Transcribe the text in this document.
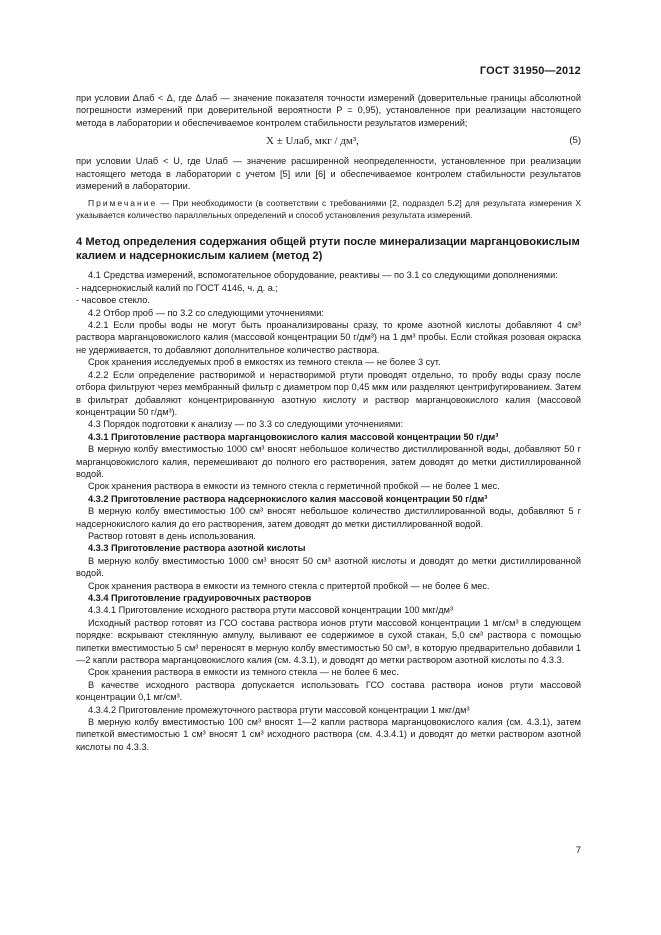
ГОСТ 31950—2012

при условии Δлаб < Δ, где Δлаб — значение показателя точности измерений (доверительные границы абсолютной погрешности измерений при доверительной вероятности P = 0,95), установленное при реализации настоящего метода в лаборатории и обеспечиваемое контролем стабильности результатов измерений;

X ± Uлаб, мкг / дм³,	(5)

при условии Uлаб < U, где Uлаб — значение расширенной неопределенности, установленное при реализации настоящего метода в лаборатории с учетом [5] или [6] и обеспечиваемое контролем стабильности результатов измерений в лаборатории.

Примечание — При необходимости (в соответствии с требованиями [2, подраздел 5.2] для результата измерения X указывается количество параллельных определений и способ установления результата измерений.

4 Метод определения содержания общей ртути после минерализации марганцовокислым калием и надсернокислым калием (метод 2)

4.1 Средства измерений, вспомогательное оборудование, реактивы — по 3.1 со следующими дополнениями:

- надсернокислый калий по ГОСТ 4146, ч. д. а.;

- часовое стекло.

4.2 Отбор проб — по 3.2 со следующими уточнениями:

4.2.1 Если пробы воды не могут быть проанализированы сразу, то кроме азотной кислоты добавляют 4 см³ раствора марганцовокислого калия (массовой концентрации 50 г/дм³) на 1 дм³ пробы. Если стойкая розовая окраска не удерживается, то добавляют дополнительное количество раствора.

Срок хранения исследуемых проб в емкостях из темного стекла — не более 3 сут.

4.2.2 Если определение растворимой и нерастворимой ртути проводят отдельно, то пробу воды сразу после отбора фильтруют через мембранный фильтр с диаметром пор 0,45 мкм или разделяют центрифугированием. Затем в фильтрат добавляют концентрированную азотную кислоту и раствор марганцовокислого калия (массовой концентрации 50 г/дм³).

4.3 Порядок подготовки к анализу — по 3.3 со следующими уточнениями:

4.3.1 Приготовление раствора марганцовокислого калия массовой концентрации 50 г/дм³

В мерную колбу вместимостью 1000 см³ вносят небольшое количество дистиллированной воды, добавляют 50 г марганцовокислого калия, перемешивают до полного его растворения, затем доводят до метки дистиллированной водой.

Срок хранения раствора в емкости из темного стекла с герметичной пробкой — не более 1 мес.

4.3.2 Приготовление раствора надсернокислого калия массовой концентрации 50 г/дм³

В мерную колбу вместимостью 100 см³ вносят небольшое количество дистиллированной воды, добавляют 5 г надсернокислого калия до его растворения, затем доводят до метки дистиллированной водой.

Раствор готовят в день использования.

4.3.3 Приготовление раствора азотной кислоты

В мерную колбу вместимостью 1000 см³ вносят 50 см³ азотной кислоты и доводят до метки дистиллированной водой.

Срок хранения раствора в емкости из темного стекла с притертой пробкой — не более 6 мес.

4.3.4 Приготовление градуировочных растворов

4.3.4.1 Приготовление исходного раствора ртути массовой концентрации 100 мкг/дм³

Исходный раствор готовят из ГСО состава раствора ионов ртути массовой концентрации 1 мг/см³ в следующем порядке: вскрывают стеклянную ампулу, выливают ее содержимое в сухой стакан, 5,0 см³ раствора с помощью пипетки вместимостью 5 см³ переносят в мерную колбу вместимостью 50 см³, в которую предварительно добавили 1—2 капли раствора марганцовокислого калия (см. 4.3.1), и доводят до метки раствором азотной кислоты по 4.3.3.

Срок хранения раствора в емкости из темного стекла — не более 6 мес.

В качестве исходного раствора допускается использовать ГСО состава раствора ионов ртути массовой концентрации 0,1 мг/см³.

4.3.4.2 Приготовление промежуточного раствора ртути массовой концентрации 1 мкг/дм³

В мерную колбу вместимостью 100 см³ вносят 1—2 капли раствора марганцовокислого калия (см. 4.3.1), затем пипеткой вместимостью 1 см³ вносят 1 см³ исходного раствора (см. 4.3.4.1) и доводят до метки раствором азотной кислоты по 4.3.3.

7
